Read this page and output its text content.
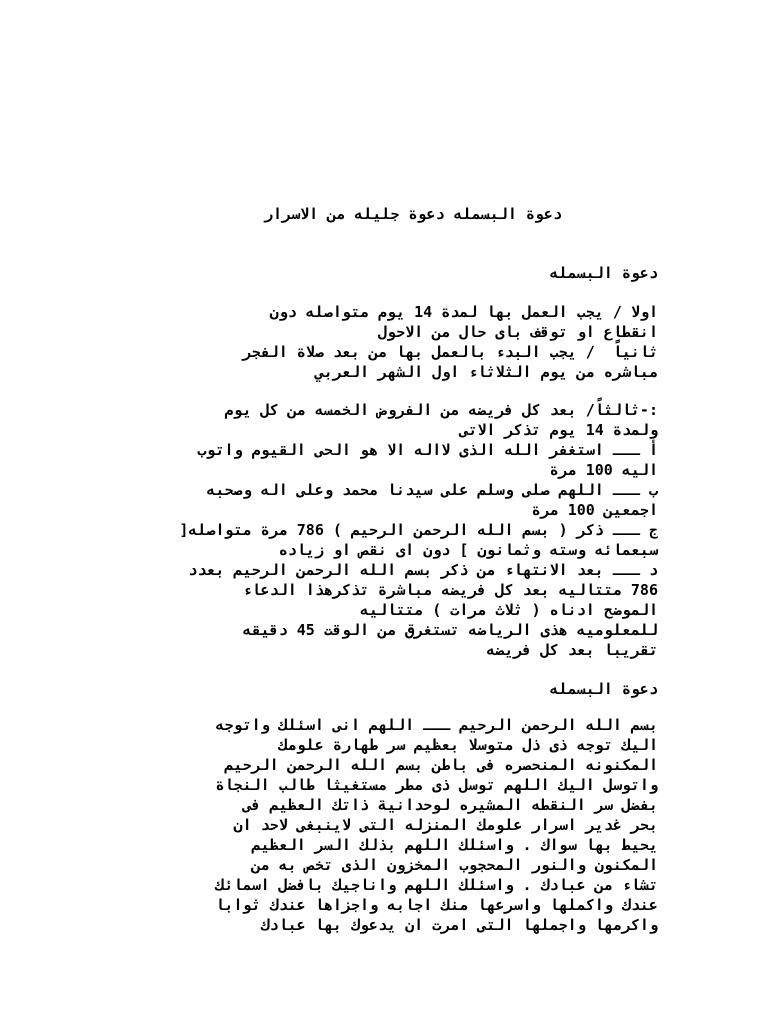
دعوة البسمله دعوة جليله من الاسرار
دعوة البسمله
اولا / يجب العمل بها لمدة 14 يوم متواصله دون
انقطاع او توقف باى حال من الاحول
ثانياً  / يجب البدء بالعمل بها من بعد صلاة الفجر
مباشره من يوم الثلاثاء اول الشهر العربي
:-ثالثاً/ بعد كل فريضه من الفروض الخمسه من كل يوم
ولمدة 14 يوم تذكر الاتى
أ ـــ استغفر الله الذى لااله الا هو الحى القيوم واتوب
اليه 100 مرة
ب ـــ اللهم صلى وسلم على سيدنا محمد وعلى اله وصحبه
اجمعين 100 مرة
ج ـــ ذكر ( بسم الله الرحمن الرحيم ) 786 مرة متواصله[
سبعمائه وسته وثمانون ] دون اى نقص او زياده
د ـــ بعد الانتهاء من ذكر بسم الله الرحمن الرحيم بعدد
786 متتاليه بعد كل فريضه مباشرة تذكرهذا الدعاء
الموضح ادناه ( ثلاث مرات ) متتاليه
للمعلوميه هذى الرياضه تستغرق من الوقت 45 دقيقه
تقريبا بعد كل فريضه
دعوة البسمله
بسم الله الرحمن الرحيم ـــ اللهم انى اسئلك واتوجه
اليك توجه ذى ذل متوسلا بعظيم سر طهارة علومك
المكنونه المنحصره فى باطن بسم الله الرحمن الرحيم
واتوسل اليك اللهم توسل ذى مطر مستغيثا طالب النجاة
بفضل سر النقطه المشيره لوحدانية ذاتك العظيم فى
بحر غدير اسرار علومك المنزله التى لاينبغى لاحد ان
يحيط بها سواك . واسئلك اللهم بذلك السر العظيم
المكنون والنور المحجوب المخزون الذى تخص به من
تشاء من عبادك . واسئلك اللهم واناجيك بافضل اسمائك
عندك واكملها واسرعها منك اجابه واجزاها عندك ثوابا
واكرمها واجملها التى امرت ان يدعوك بها عبادك
